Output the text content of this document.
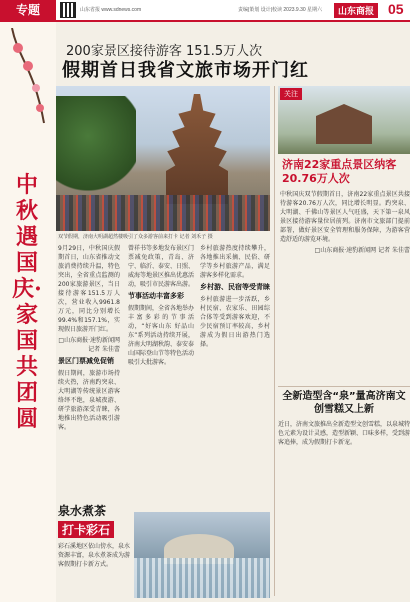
专题	山东省报 www.sdnews.com	责编|策划 设计|校读 2023.9.30 星期六	山东商报 05
中秋遇国庆·家国共团圆
200家景区接待游客 151.5万人次
假期首日我省文旅市场开门红
双节假期，济南大明湖超然楼吸引了众多游客前来打卡 记者 刘禾子 摄

9月29日，中秋国庆假期首日，山东省推动文旅消费持续升温，特色突出，全省重点监测的200家旅游景区，当日接待游客151.5万人次，营业收入9961.8万元，同比分别增长99.4%和157.1%，实现假日旅游开门红。

□山东商报·速豹新闻网 记者 朱佳蕾

景区门票减免促销

假日期间，旅游市场持续火热，济南趵突泉、大明湖等传统景区游客络绎不绝，泉城夜游、研学旅游深受青睐，各地推出特色活动吸引游客。

曾祥书等多地发布景区门票减免政策，青岛、济宁、临沂、泰安、日照、威海等地景区推出优惠活动，吸引市民游客出游。

节事活动丰富多彩

假期期间，全省各地举办丰富多彩的节事活动，“好客山东 好品山东”系列活动持续开展，济南大明湖秋韵、泰安泰山国际登山节等特色活动吸引大批游客。

乡村旅游热度持续攀升，各地推出采摘、民俗、研学等乡村旅游产品，满足游客多样化需求。

乡村游、民宿等受青睐

乡村旅游进一步活跃，乡村民宿、农家乐、田园综合体等受到游客欢迎，不少民宿预订率较高，乡村游成为假日出游热门选择。

关注
济南22家重点景区纳客20.76万人次

中秋国庆双节假期首日，济南22家重点景区共接待游客20.76万人次，同比增长明显。趵突泉、大明湖、千佛山等景区人气旺盛，天下第一泉风景区接待游客量位居前列。济南市文旅部门提前部署，做好景区安全管理和服务保障，为游客营造舒适的游览环境。

□山东商报·速豹新闻网 记者 朱佳蕾

全新造型含“泉”量高济南文创雪糕又上新

近日，济南文旅推出全新造型文创雪糕，以泉城特色元素为设计灵感，造型新颖、口味多样，受到游客追捧，成为假期打卡新宠。

泉水煮茶
打卡彩石

彩石溪地区依山傍水，泉水资源丰富，泉水煮茶成为游客假期打卡新方式。
